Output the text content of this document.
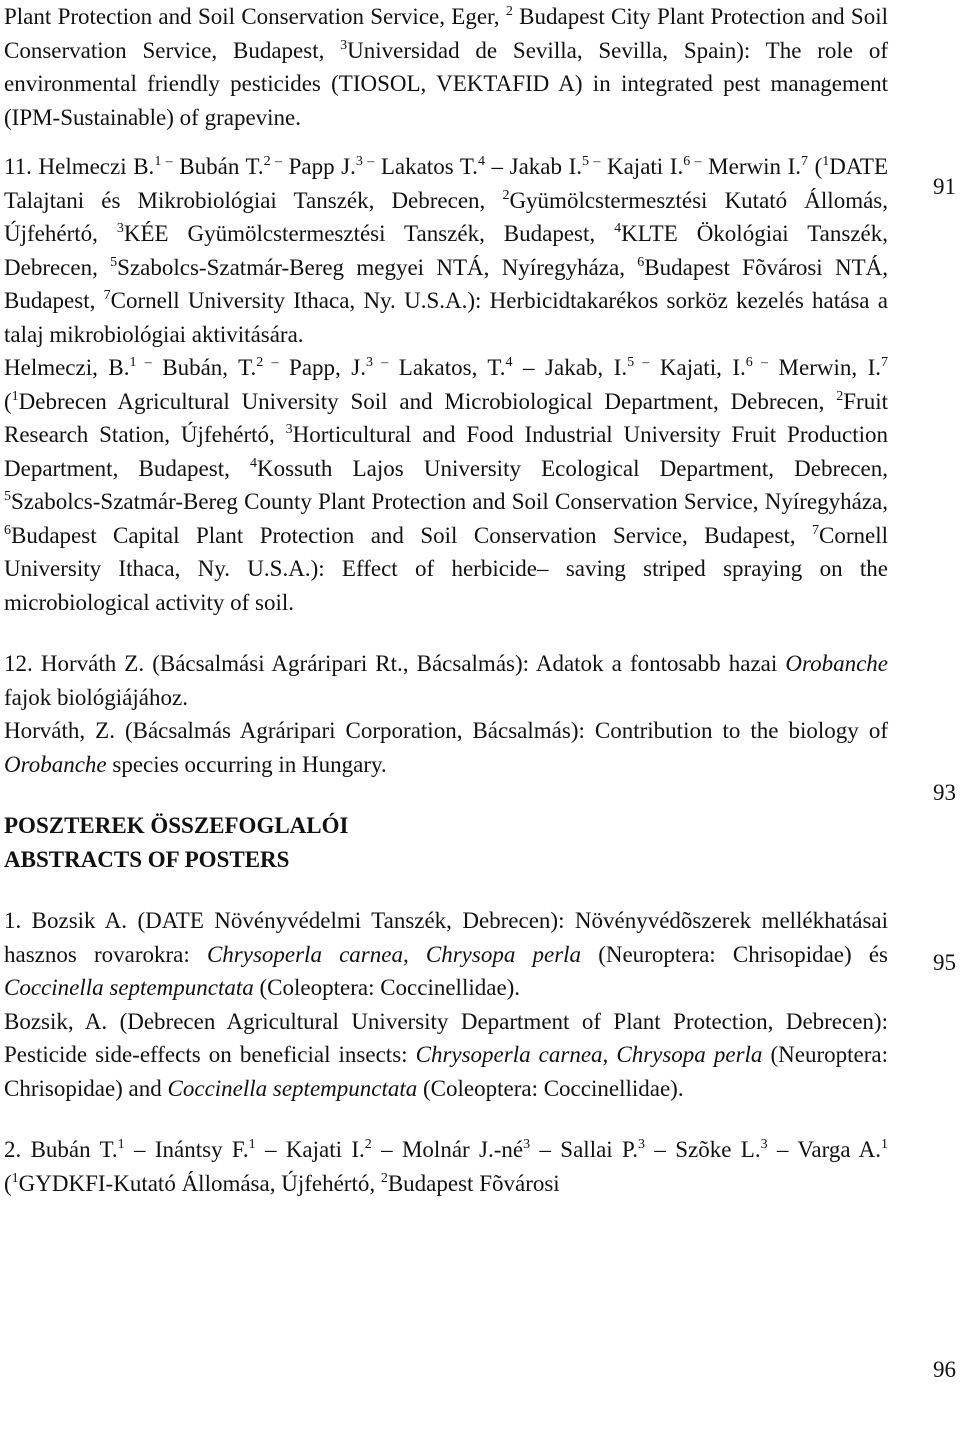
Plant Protection and Soil Conservation Service, Eger, $^2$ Budapest City Plant Protection and Soil Conservation Service, Budapest, $^3$Universidad de Sevilla, Sevilla, Spain): The role of environmental friendly pesticides (TIOSOL, VEKTAFID A) in integrated pest management (IPM-Sustainable) of grapevine.

11. Helmeczi B.$^{1 -}$ Bubán T.$^{2 -}$ Papp J.$^{3 -}$ Lakatos T.$^4$ – Jakab I.$^{5 -}$ Kajati I.$^{6 -}$ Merwin I.$^7$ ($^1$DATE Talajtani és Mikrobiológiai Tanszék, Debrecen, $^2$Gyümölcstermesztési Kutató Állomás, Újfehértó, $^3$KÉE Gyümölcstermesztési Tanszék, Budapest, $^4$KLTE Ökológiai Tanszék, Debrecen, $^5$Szabolcs-Szatmár-Bereg megyei NTÁ, Nyíregyháza, $^6$Budapest Fõvárosi NTÁ, Budapest, $^7$Cornell University Ithaca, Ny. U.S.A.): Herbicidtakarékos sorköz kezelés hatása a talaj mikrobiológiai aktivitására.

Helmeczi, B.$^{1 -}$ Bubán, T.$^{2 -}$ Papp, J.$^{3 -}$ Lakatos, T.$^4$ – Jakab, I.$^{5 -}$ Kajati, I.$^{6 -}$ Merwin, I.$^7$ ($^1$Debrecen Agricultural University Soil and Microbiological Department, Debrecen, $^2$Fruit Research Station, Újfehértó, $^3$Horticultural and Food Industrial University Fruit Production Department, Budapest, $^4$Kossuth Lajos University Ecological Department, Debrecen, $^5$Szabolcs-Szatmár-Bereg County Plant Protection and Soil Conservation Service, Nyíregyháza, $^6$Budapest Capital Plant Protection and Soil Conservation Service, Budapest, $^7$Cornell University Ithaca, Ny. U.S.A.): Effect of herbicide– saving striped spraying on the microbiological activity of soil.

12. Horváth Z. (Bácsalmási Agráripari Rt., Bácsalmás): Adatok a fontosabb hazai Orobanche fajok biológiájához.

Horváth, Z. (Bácsalmás Agráripari Corporation, Bácsalmás): Contribution to the biology of Orobanche species occurring in Hungary.

POSZTEREK ÖSSZEFOGLALÓI
ABSTRACTS OF POSTERS

1. Bozsik A. (DATE Növényvédelmi Tanszék, Debrecen): Növényvédõszerek mellékhatásai hasznos rovarokra: Chrysoperla carnea, Chrysopa perla (Neuroptera: Chrisopidae) és Coccinella septempunctata (Coleoptera: Coccinellidae).

Bozsik, A. (Debrecen Agricultural University Department of Plant Protection, Debrecen): Pesticide side-effects on beneficial insects: Chrysoperla carnea, Chrysopa perla (Neuroptera: Chrisopidae) and Coccinella septempunctata (Coleoptera: Coccinellidae).

2. Bubán T.$^1$ – Inántsy F.$^1$ – Kajati I.$^2$ – Molnár $J.-né^3$ – Sallai P.$^3$ – Szõke L.$^3$ – Varga A.$^1$ ($^1$GYDKFI-Kutató Állomása, Újfehértó, $^2$Budapest Fõvárosi

91
93
95
96
